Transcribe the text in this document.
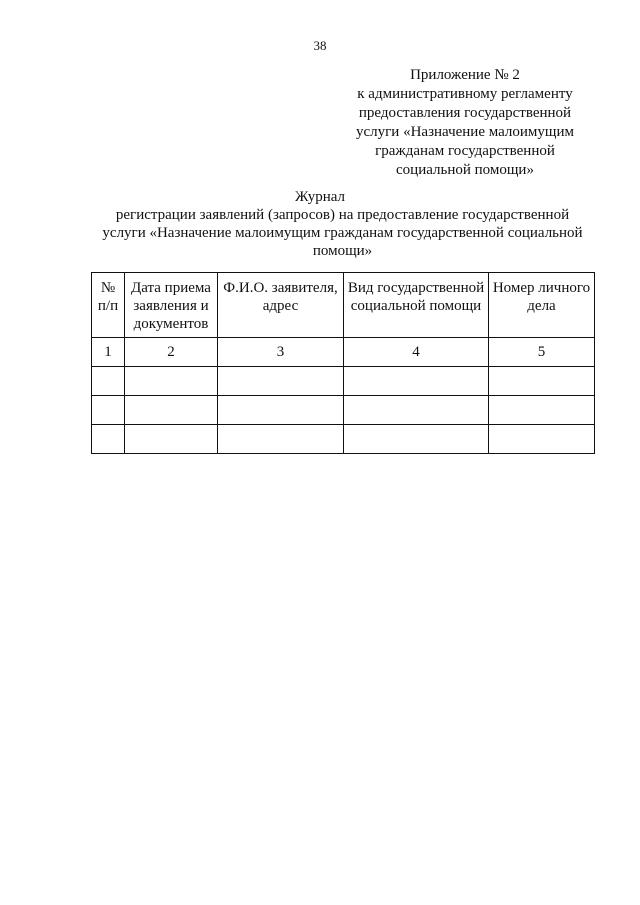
38
Приложение № 2
к административному регламенту
предоставления государственной
услуги «Назначение малоимущим
гражданам государственной
социальной помощи»
Журнал
регистрации заявлений (запросов) на предоставление государственной
услуги «Назначение малоимущим гражданам государственной социальной
помощи»
№
п/п	Дата приема
заявления и
документов	Ф.И.О. заявителя,
адрес	Вид государственной
социальной помощи	Номер личного
дела

1	2	3	4	5
